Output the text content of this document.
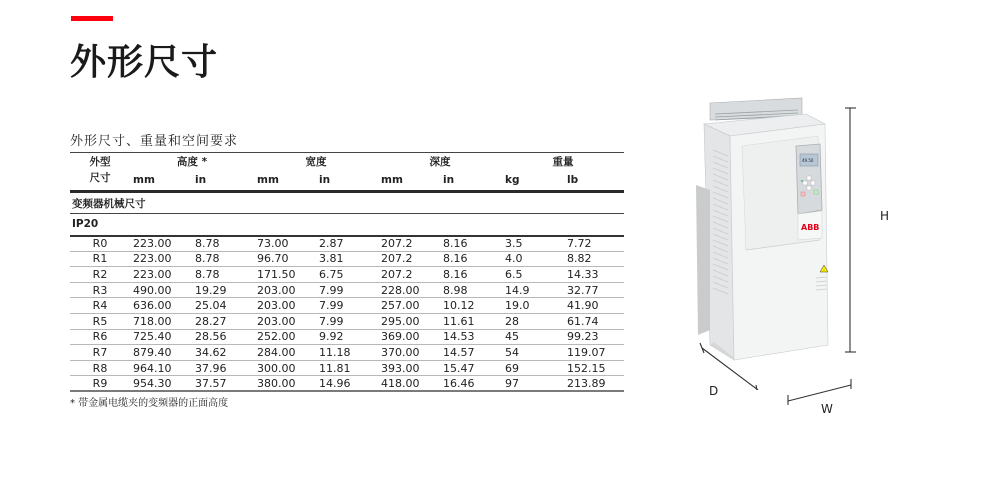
外形尺寸
外形尺寸、重量和空间要求
变频器机械尺寸								
IP20								
外型	高度 *		宽度		深度		重量	
尺寸	mm	in	mm	in	mm	in	kg	lb
R0	223.00	8.78	73.00	2.87	207.2	8.16	3.5	7.72
R1	223.00	8.78	96.70	3.81	207.2	8.16	4.0	8.82
R2	223.00	8.78	171.50	6.75	207.2	8.16	6.5	14.33
R3	490.00	19.29	203.00	7.99	228.00	8.98	14.9	32.77
R4	636.00	25.04	203.00	7.99	257.00	10.12	19.0	41.90
R5	718.00	28.27	203.00	7.99	295.00	11.61	28	61.74
R6	725.40	28.56	252.00	9.92	369.00	14.53	45	99.23
R7	879.40	34.62	284.00	11.18	370.00	14.57	54	119.07
R8	964.10	37.96	300.00	11.81	393.00	15.47	69	152.15
R9	954.30	37.57	380.00	14.96	418.00	16.46	97	213.89
* 带金属电缆夹的变频器的正面高度
49.50
ABB
H
D
W
